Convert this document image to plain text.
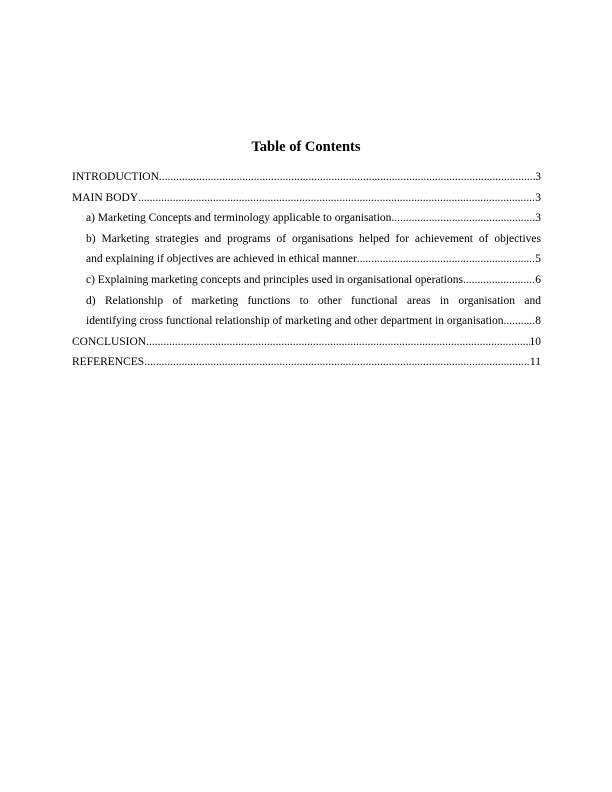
Table of Contents
INTRODUCTION .....	3
MAIN BODY .....	3
a) Marketing Concepts and terminology applicable to organisation .....	3
b) Marketing strategies and programs of organisations helped for achievement of objectives
and explaining if objectives are achieved in ethical manner .....	5
c) Explaining marketing concepts and principles used in organisational operations .....	6
d) Relationship of marketing functions to other functional areas in organisation and
identifying cross functional relationship of marketing and other department in organisation .....	8
CONCLUSION .....	10
REFERENCES .....	11
